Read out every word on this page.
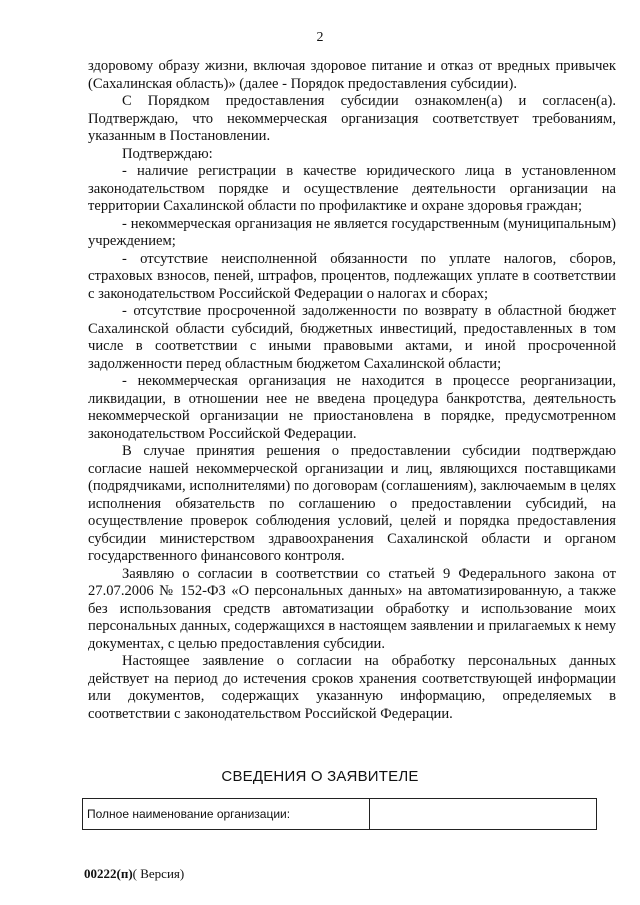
2

здоровому образу жизни, включая здоровое питание и отказ от вредных привычек (Сахалинская область)» (далее - Порядок предоставления субсидии).

С Порядком предоставления субсидии ознакомлен(а) и согласен(а). Подтверждаю, что некоммерческая организация соответствует требованиям, указанным в Постановлении.

Подтверждаю:

- наличие регистрации в качестве юридического лица в установленном законодательством порядке и осуществление деятельности организации на территории Сахалинской области по профилактике и охране здоровья граждан;

- некоммерческая организация не является государственным (муниципальным) учреждением;

- отсутствие неисполненной обязанности по уплате налогов, сборов, страховых взносов, пеней, штрафов, процентов, подлежащих уплате в соответствии с законодательством Российской Федерации о налогах и сборах;

- отсутствие просроченной задолженности по возврату в областной бюджет Сахалинской области субсидий, бюджетных инвестиций, предоставленных в том числе в соответствии с иными правовыми актами, и иной просроченной задолженности перед областным бюджетом Сахалинской области;

- некоммерческая организация не находится в процессе реорганизации, ликвидации, в отношении нее не введена процедура банкротства, деятельность некоммерческой организации не приостановлена в порядке, предусмотренном законодательством Российской Федерации.

В случае принятия решения о предоставлении субсидии подтверждаю согласие нашей некоммерческой организации и лиц, являющихся поставщиками (подрядчиками, исполнителями) по договорам (соглашениям), заключаемым в целях исполнения обязательств по соглашению о предоставлении субсидий, на осуществление проверок соблюдения условий, целей и порядка предоставления субсидии министерством здравоохранения Сахалинской области и органом государственного финансового контроля.

Заявляю о согласии в соответствии со статьей 9 Федерального закона от 27.07.2006 № 152-ФЗ «О персональных данных» на автоматизированную, а также без использования средств автоматизации обработку и использование моих персональных данных, содержащихся в настоящем заявлении и прилагаемых к нему документах, с целью предоставления субсидии.

Настоящее заявление о согласии на обработку персональных данных действует на период до истечения сроков хранения соответствующей информации или документов, содержащих указанную информацию, определяемых в соответствии с законодательством Российской Федерации.

СВЕДЕНИЯ О ЗАЯВИТЕЛЕ
Полное наименование организации:	
00222(п)( Версия)
